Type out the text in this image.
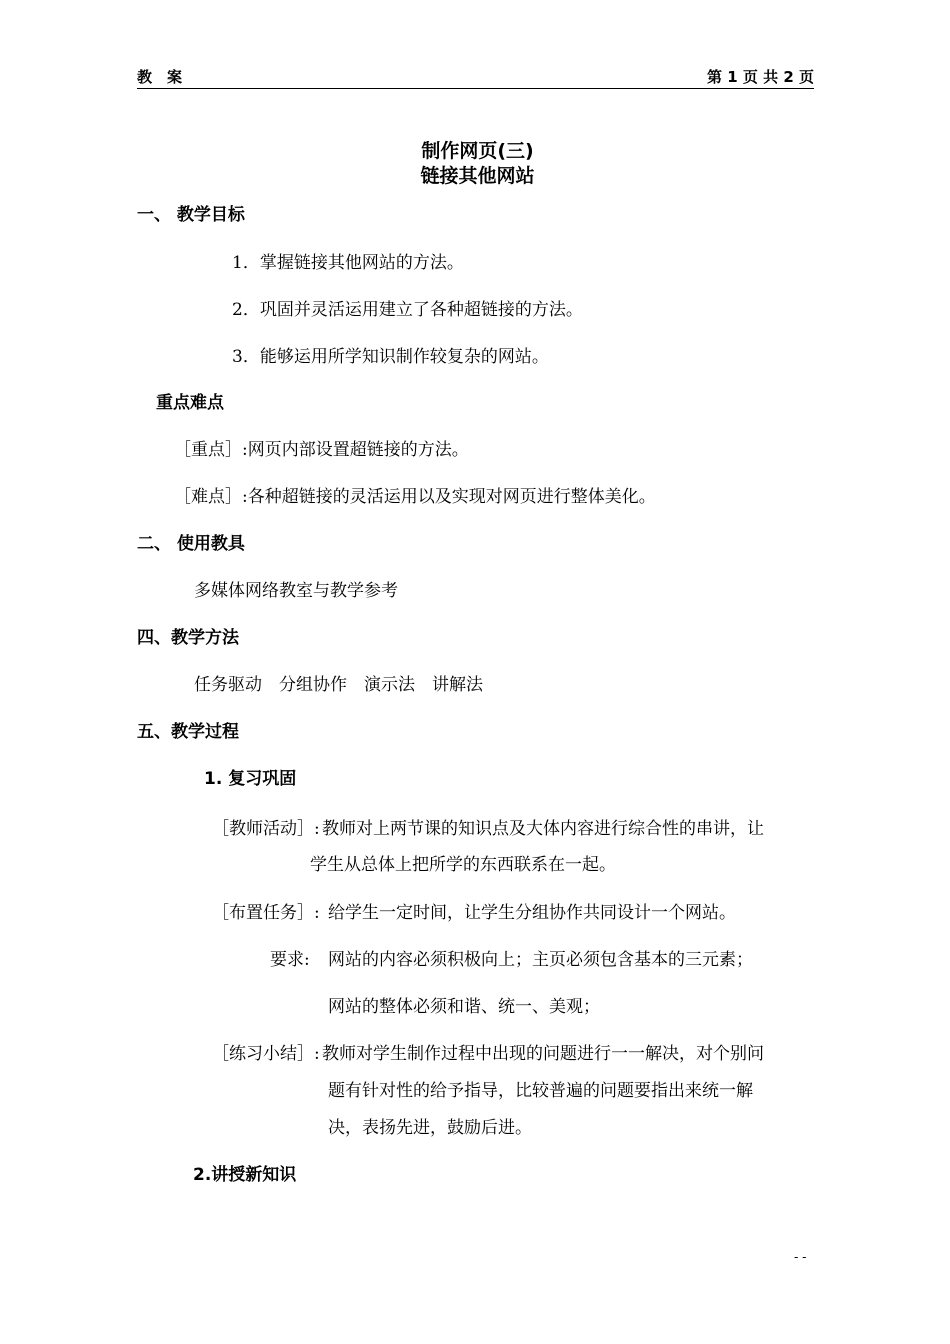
教　案	第 1 页 共 2 页
制作网页(三)
链接其他网站
一、 教学目标
1．掌握链接其他网站的方法。
2．巩固并灵活运用建立了各种超链接的方法。
3．能够运用所学知识制作较复杂的网站。
重点难点
［重点］:网页内部设置超链接的方法。
［难点］:各种超链接的灵活运用以及实现对网页进行整体美化。
二、 使用教具
多媒体网络教室与教学参考
四、教学方法
任务驱动　分组协作　演示法　讲解法
五、教学过程
1. 复习巩固
［教师活动］: 教师对上两节课的知识点及大体内容进行综合性的串讲，让
学生从总体上把所学的东西联系在一起。
［布置任务］: 给学生一定时间，让学生分组协作共同设计一个网站。
要求: 网站的内容必须积极向上；主页必须包含基本的三元素；
网站的整体必须和谐、统一、美观；
［练习小结］: 教师对学生制作过程中出现的问题进行一一解决，对个别问
题有针对性的给予指导，比较普遍的问题要指出来统一解
决，表扬先进，鼓励后进。
2.讲授新知识
- -
